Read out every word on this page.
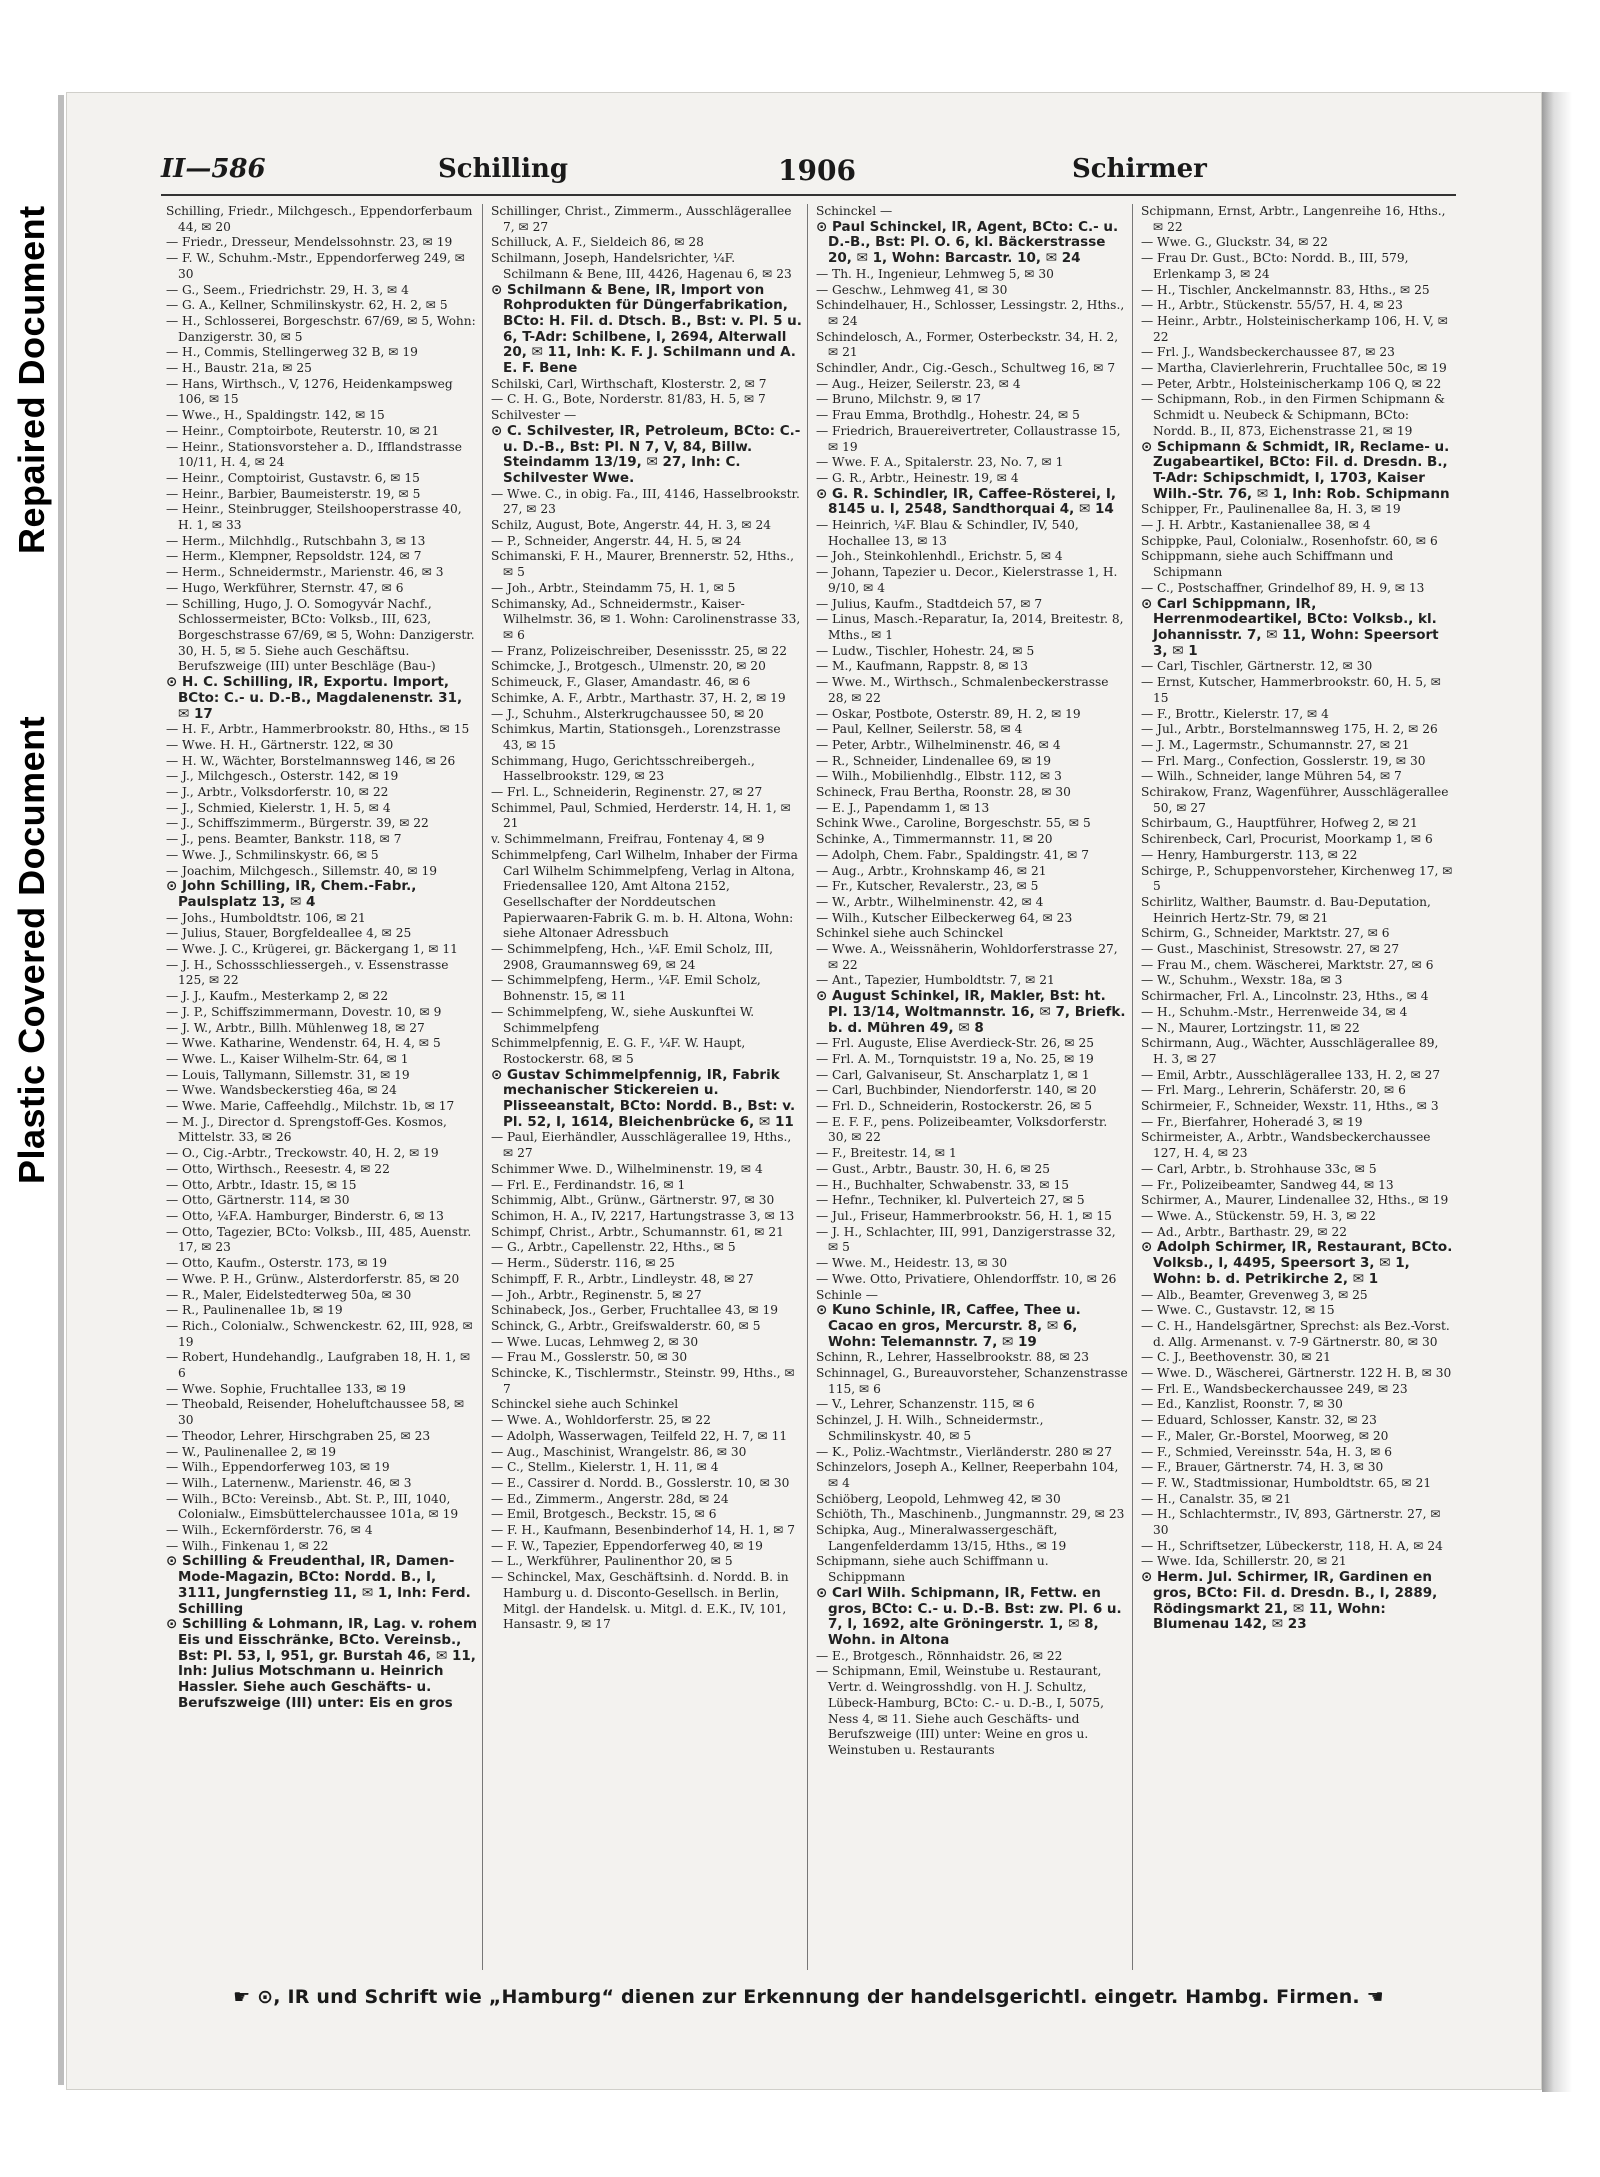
Repaired Document
Plastic Covered Document
II—586	Schilling	1906	Schirmer

Schilling, Friedr., Milchgesch., Eppendorferbaum 44, ✉ 20

— Friedr., Dresseur, Mendelssohnstr. 23, ✉ 19

— F. W., Schuhm.-Mstr., Eppendorferweg 249, ✉ 30

— G., Seem., Friedrichstr. 29, H. 3, ✉ 4

— G. A., Kellner, Schmilinskystr. 62, H. 2, ✉ 5

— H., Schlosserei, Borgeschstr. 67/69, ✉ 5, Wohn: Danzigerstr. 30, ✉ 5

— H., Commis, Stellingerweg 32 B, ✉ 19

— H., Baustr. 21a, ✉ 25

— Hans, Wirthsch., V, 1276, Heidenkampsweg 106, ✉ 15

— Wwe., H., Spaldingstr. 142, ✉ 15

— Heinr., Comptoirbote, Reuterstr. 10, ✉ 21

— Heinr., Stationsvorsteher a. D., Ifflandstrasse 10/11, H. 4, ✉ 24

— Heinr., Comptoirist, Gustavstr. 6, ✉ 15

— Heinr., Barbier, Baumeisterstr. 19, ✉ 5

— Heinr., Steinbrugger, Steilshooperstrasse 40, H. 1, ✉ 33

— Herm., Milchhdlg., Rutschbahn 3, ✉ 13

— Herm., Klempner, Repsoldstr. 124, ✉ 7

— Herm., Schneidermstr., Marienstr. 46, ✉ 3

— Hugo, Werkführer, Sternstr. 47, ✉ 6

— Schilling, Hugo, J. O. Somogyvár Nachf., Schlossermeister, BCto: Volksb., III, 623, Borgeschstrasse 67/69, ✉ 5, Wohn: Danzigerstr. 30, H. 5, ✉ 5. Siehe auch Geschäftsu. Berufszweige (III) unter Beschläge (Bau-)

⊙ H. C. Schilling, IR, Exportu. Import, BCto: C.- u. D.-B., Magdalenenstr. 31, ✉ 17

— H. F., Arbtr., Hammerbrookstr. 80, Hths., ✉ 15

— Wwe. H. H., Gärtnerstr. 122, ✉ 30

— H. W., Wächter, Borstelmannsweg 146, ✉ 26

— J., Milchgesch., Osterstr. 142, ✉ 19

— J., Arbtr., Volksdorferstr. 10, ✉ 22

— J., Schmied, Kielerstr. 1, H. 5, ✉ 4

— J., Schiffszimmerm., Bürgerstr. 39, ✉ 22

— J., pens. Beamter, Bankstr. 118, ✉ 7

— Wwe. J., Schmilinskystr. 66, ✉ 5

— Joachim, Milchgesch., Sillemstr. 40, ✉ 19

⊙ John Schilling, IR, Chem.-Fabr., Paulsplatz 13, ✉ 4

— Johs., Humboldtstr. 106, ✉ 21

— Julius, Stauer, Borgfeldeallee 4, ✉ 25

— Wwe. J. C., Krügerei, gr. Bäckergang 1, ✉ 11

— J. H., Schossschliessergeh., v. Essenstrasse 125, ✉ 22

— J. J., Kaufm., Mesterkamp 2, ✉ 22

— J. P., Schiffszimmermann, Dovestr. 10, ✉ 9

— J. W., Arbtr., Billh. Mühlenweg 18, ✉ 27

— Wwe. Katharine, Wendenstr. 64, H. 4, ✉ 5

— Wwe. L., Kaiser Wilhelm-Str. 64, ✉ 1

— Louis, Tallymann, Sillemstr. 31, ✉ 19

— Wwe. Wandsbeckerstieg 46a, ✉ 24

— Wwe. Marie, Caffeehdlg., Milchstr. 1b, ✉ 17

— M. J., Director d. Sprengstoff-Ges. Kosmos, Mittelstr. 33, ✉ 26

— O., Cig.-Arbtr., Treckowstr. 40, H. 2, ✉ 19

— Otto, Wirthsch., Reesestr. 4, ✉ 22

— Otto, Arbtr., Idastr. 15, ✉ 15

— Otto, Gärtnerstr. 114, ✉ 30

— Otto, ¼F.A. Hamburger, Binderstr. 6, ✉ 13

— Otto, Tagezier, BCto: Volksb., III, 485, Auenstr. 17, ✉ 23

— Otto, Kaufm., Osterstr. 173, ✉ 19

— Wwe. P. H., Grünw., Alsterdorferstr. 85, ✉ 20

— R., Maler, Eidelstedterweg 50a, ✉ 30

— R., Paulinenallee 1b, ✉ 19

— Rich., Colonialw., Schwenckestr. 62, III, 928, ✉ 19

— Robert, Hundehandlg., Laufgraben 18, H. 1, ✉ 6

— Wwe. Sophie, Fruchtallee 133, ✉ 19

— Theobald, Reisender, Hoheluftchaussee 58, ✉ 30

— Theodor, Lehrer, Hirschgraben 25, ✉ 23

— W., Paulinenallee 2, ✉ 19

— Wilh., Eppendorferweg 103, ✉ 19

— Wilh., Laternenw., Marienstr. 46, ✉ 3

— Wilh., BCto: Vereinsb., Abt. St. P., III, 1040, Colonialw., Eimsbüttelerchaussee 101a, ✉ 19

— Wilh., Eckernförderstr. 76, ✉ 4

— Wilh., Finkenau 1, ✉ 22

⊙ Schilling & Freudenthal, IR, Damen-Mode-Magazin, BCto: Nordd. B., I, 3111, Jungfernstieg 11, ✉ 1, Inh: Ferd. Schilling

⊙ Schilling & Lohmann, IR, Lag. v. rohem Eis und Eisschränke, BCto. Vereinsb., Bst: Pl. 53, I, 951, gr. Burstah 46, ✉ 11, Inh: Julius Motschmann u. Heinrich Hassler. Siehe auch Geschäfts- u. Berufszweige (III) unter: Eis en gros

Schillinger, Christ., Zimmerm., Ausschlägerallee 7, ✉ 27

Schilluck, A. F., Sieldeich 86, ✉ 28

Schilmann, Joseph, Handelsrichter, ¼F. Schilmann & Bene, III, 4426, Hagenau 6, ✉ 23

⊙ Schilmann & Bene, IR, Import von Rohprodukten für Düngerfabrikation, BCto: H. Fil. d. Dtsch. B., Bst: v. Pl. 5 u. 6, T-Adr: Schilbene, I, 2694, Alterwall 20, ✉ 11, Inh: K. F. J. Schilmann und A. E. F. Bene

Schilski, Carl, Wirthschaft, Klosterstr. 2, ✉ 7

— C. H. G., Bote, Norderstr. 81/83, H. 5, ✉ 7

Schilvester —

⊙ C. Schilvester, IR, Petroleum, BCto: C.- u. D.-B., Bst: Pl. N 7, V, 84, Billw. Steindamm 13/19, ✉ 27, Inh: C. Schilvester Wwe.

— Wwe. C., in obig. Fa., III, 4146, Hasselbrookstr. 27, ✉ 23

Schilz, August, Bote, Angerstr. 44, H. 3, ✉ 24

— P., Schneider, Angerstr. 44, H. 5, ✉ 24

Schimanski, F. H., Maurer, Brennerstr. 52, Hths., ✉ 5

— Joh., Arbtr., Steindamm 75, H. 1, ✉ 5

Schimansky, Ad., Schneidermstr., Kaiser-Wilhelmstr. 36, ✉ 1. Wohn: Carolinenstrasse 33, ✉ 6

— Franz, Polizeischreiber, Desenissstr. 25, ✉ 22

Schimcke, J., Brotgesch., Ulmenstr. 20, ✉ 20

Schimeuck, F., Glaser, Amandastr. 46, ✉ 6

Schimke, A. F., Arbtr., Marthastr. 37, H. 2, ✉ 19

— J., Schuhm., Alsterkrugchaussee 50, ✉ 20

Schimkus, Martin, Stationsgeh., Lorenzstrasse 43, ✉ 15

Schimmang, Hugo, Gerichtsschreibergeh., Hasselbrookstr. 129, ✉ 23

— Frl. L., Schneiderin, Reginenstr. 27, ✉ 27

Schimmel, Paul, Schmied, Herderstr. 14, H. 1, ✉ 21

v. Schimmelmann, Freifrau, Fontenay 4, ✉ 9

Schimmelpfeng, Carl Wilhelm, Inhaber der Firma Carl Wilhelm Schimmelpfeng, Verlag in Altona, Friedensallee 120, Amt Altona 2152, Gesellschafter der Norddeutschen Papierwaaren-Fabrik G. m. b. H. Altona, Wohn: siehe Altonaer Adressbuch

— Schimmelpfeng, Hch., ¼F. Emil Scholz, III, 2908, Graumannsweg 69, ✉ 24

— Schimmelpfeng, Herm., ¼F. Emil Scholz, Bohnenstr. 15, ✉ 11

— Schimmelpfeng, W., siehe Auskunftei W. Schimmelpfeng

Schimmelpfennig, E. G. F., ¼F. W. Haupt, Rostockerstr. 68, ✉ 5

⊙ Gustav Schimmelpfennig, IR, Fabrik mechanischer Stickereien u. Plisseeanstalt, BCto: Nordd. B., Bst: v. Pl. 52, I, 1614, Bleichenbrücke 6, ✉ 11

— Paul, Eierhändler, Ausschlägerallee 19, Hths., ✉ 27

Schimmer Wwe. D., Wilhelminenstr. 19, ✉ 4

— Frl. E., Ferdinandstr. 16, ✉ 1

Schimmig, Albt., Grünw., Gärtnerstr. 97, ✉ 30

Schimon, H. A., IV, 2217, Hartungstrasse 3, ✉ 13

Schimpf, Christ., Arbtr., Schumannstr. 61, ✉ 21

— G., Arbtr., Capellenstr. 22, Hths., ✉ 5

— Herm., Süderstr. 116, ✉ 25

Schimpff, F. R., Arbtr., Lindleystr. 48, ✉ 27

— Joh., Arbtr., Reginenstr. 5, ✉ 27

Schinabeck, Jos., Gerber, Fruchtallee 43, ✉ 19

Schinck, G., Arbtr., Greifswalderstr. 60, ✉ 5

— Wwe. Lucas, Lehmweg 2, ✉ 30

— Frau M., Gosslerstr. 50, ✉ 30

Schincke, K., Tischlermstr., Steinstr. 99, Hths., ✉ 7

Schinckel siehe auch Schinkel

— Wwe. A., Wohldorferstr. 25, ✉ 22

— Adolph, Wasserwagen, Teilfeld 22, H. 7, ✉ 11

— Aug., Maschinist, Wrangelstr. 86, ✉ 30

— C., Stellm., Kielerstr. 1, H. 11, ✉ 4

— E., Cassirer d. Nordd. B., Gosslerstr. 10, ✉ 30

— Ed., Zimmerm., Angerstr. 28d, ✉ 24

— Emil, Brotgesch., Beckstr. 15, ✉ 6

— F. H., Kaufmann, Besenbinderhof 14, H. 1, ✉ 7

— F. W., Tapezier, Eppendorferweg 40, ✉ 19

— L., Werkführer, Paulinenthor 20, ✉ 5

— Schinckel, Max, Geschäftsinh. d. Nordd. B. in Hamburg u. d. Disconto-Gesellsch. in Berlin, Mitgl. der Handelsk. u. Mitgl. d. E.K., IV, 101, Hansastr. 9, ✉ 17

Schinckel —

⊙ Paul Schinckel, IR, Agent, BCto: C.- u. D.-B., Bst: Pl. O. 6, kl. Bäckerstrasse 20, ✉ 1, Wohn: Barcastr. 10, ✉ 24

— Th. H., Ingenieur, Lehmweg 5, ✉ 30

— Geschw., Lehmweg 41, ✉ 30

Schindelhauer, H., Schlosser, Lessingstr. 2, Hths., ✉ 24

Schindelosch, A., Former, Osterbeckstr. 34, H. 2, ✉ 21

Schindler, Andr., Cig.-Gesch., Schultweg 16, ✉ 7

— Aug., Heizer, Seilerstr. 23, ✉ 4

— Bruno, Milchstr. 9, ✉ 17

— Frau Emma, Brothdlg., Hohestr. 24, ✉ 5

— Friedrich, Brauereivertreter, Collaustrasse 15, ✉ 19

— Wwe. F. A., Spitalerstr. 23, No. 7, ✉ 1

— G. R., Arbtr., Heinestr. 19, ✉ 4

⊙ G. R. Schindler, IR, Caffee-Rösterei, I, 8145 u. I, 2548, Sandthorquai 4, ✉ 14

— Heinrich, ¼F. Blau & Schindler, IV, 540, Hochallee 13, ✉ 13

— Joh., Steinkohlenhdl., Erichstr. 5, ✉ 4

— Johann, Tapezier u. Decor., Kielerstrasse 1, H. 9/10, ✉ 4

— Julius, Kaufm., Stadtdeich 57, ✉ 7

— Linus, Masch.-Reparatur, Ia, 2014, Breitestr. 8, Mths., ✉ 1

— Ludw., Tischler, Hohestr. 24, ✉ 5

— M., Kaufmann, Rappstr. 8, ✉ 13

— Wwe. M., Wirthsch., Schmalenbeckerstrasse 28, ✉ 22

— Oskar, Postbote, Osterstr. 89, H. 2, ✉ 19

— Paul, Kellner, Seilerstr. 58, ✉ 4

— Peter, Arbtr., Wilhelminenstr. 46, ✉ 4

— R., Schneider, Lindenallee 69, ✉ 19

— Wilh., Mobilienhdlg., Elbstr. 112, ✉ 3

Schineck, Frau Bertha, Roonstr. 28, ✉ 30

— E. J., Papendamm 1, ✉ 13

Schink Wwe., Caroline, Borgeschstr. 55, ✉ 5

Schinke, A., Timmermannstr. 11, ✉ 20

— Adolph, Chem. Fabr., Spaldingstr. 41, ✉ 7

— Aug., Arbtr., Krohnskamp 46, ✉ 21

— Fr., Kutscher, Revalerstr., 23, ✉ 5

— W., Arbtr., Wilhelminenstr. 42, ✉ 4

— Wilh., Kutscher Eilbeckerweg 64, ✉ 23

Schinkel siehe auch Schinckel

— Wwe. A., Weissnäherin, Wohldorferstrasse 27, ✉ 22

— Ant., Tapezier, Humboldtstr. 7, ✉ 21

⊙ August Schinkel, IR, Makler, Bst: ht. Pl. 13/14, Woltmannstr. 16, ✉ 7, Briefk. b. d. Mühren 49, ✉ 8

— Frl. Auguste, Elise Averdieck-Str. 26, ✉ 25

— Frl. A. M., Tornquiststr. 19 a, No. 25, ✉ 19

— Carl, Galvaniseur, St. Anscharplatz 1, ✉ 1

— Carl, Buchbinder, Niendorferstr. 140, ✉ 20

— Frl. D., Schneiderin, Rostockerstr. 26, ✉ 5

— E. F. F., pens. Polizeibeamter, Volksdorferstr. 30, ✉ 22

— F., Breitestr. 14, ✉ 1

— Gust., Arbtr., Baustr. 30, H. 6, ✉ 25

— H., Buchhalter, Schwabenstr. 33, ✉ 15

— Hefnr., Techniker, kl. Pulverteich 27, ✉ 5

— Jul., Friseur, Hammerbrookstr. 56, H. 1, ✉ 15

— J. H., Schlachter, III, 991, Danzigerstrasse 32, ✉ 5

— Wwe. M., Heidestr. 13, ✉ 30

— Wwe. Otto, Privatiere, Ohlendorffstr. 10, ✉ 26

Schinle —

⊙ Kuno Schinle, IR, Caffee, Thee u. Cacao en gros, Mercurstr. 8, ✉ 6, Wohn: Telemannstr. 7, ✉ 19

Schinn, R., Lehrer, Hasselbrookstr. 88, ✉ 23

Schinnagel, G., Bureauvorsteher, Schanzenstrasse 115, ✉ 6

— V., Lehrer, Schanzenstr. 115, ✉ 6

Schinzel, J. H. Wilh., Schneidermstr., Schmilinskystr. 40, ✉ 5

— K., Poliz.-Wachtmstr., Vierländerstr. 280 ✉ 27

Schinzelors, Joseph A., Kellner, Reeperbahn 104, ✉ 4

Schiöberg, Leopold, Lehmweg 42, ✉ 30

Schiöth, Th., Maschinenb., Jungmannstr. 29, ✉ 23

Schipka, Aug., Mineralwassergeschäft, Langenfelderdamm 13/15, Hths., ✉ 19

Schipmann, siehe auch Schiffmann u. Schippmann

⊙ Carl Wilh. Schipmann, IR, Fettw. en gros, BCto: C.- u. D.-B. Bst: zw. Pl. 6 u. 7, I, 1692, alte Gröningerstr. 1, ✉ 8, Wohn. in Altona

— E., Brotgesch., Rönnhaidstr. 26, ✉ 22

— Schipmann, Emil, Weinstube u. Restaurant, Vertr. d. Weingrosshdlg. von H. J. Schultz, Lübeck-Hamburg, BCto: C.- u. D.-B., I, 5075, Ness 4, ✉ 11. Siehe auch Geschäfts- und Berufszweige (III) unter: Weine en gros u. Weinstuben u. Restaurants

Schipmann, Ernst, Arbtr., Langenreihe 16, Hths., ✉ 22

— Wwe. G., Gluckstr. 34, ✉ 22

— Frau Dr. Gust., BCto: Nordd. B., III, 579, Erlenkamp 3, ✉ 24

— H., Tischler, Anckelmannstr. 83, Hths., ✉ 25

— H., Arbtr., Stückenstr. 55/57, H. 4, ✉ 23

— Heinr., Arbtr., Holsteinischerkamp 106, H. V, ✉ 22

— Frl. J., Wandsbeckerchaussee 87, ✉ 23

— Martha, Clavierlehrerin, Fruchtallee 50c, ✉ 19

— Peter, Arbtr., Holsteinischerkamp 106 Q, ✉ 22

— Schipmann, Rob., in den Firmen Schipmann & Schmidt u. Neubeck & Schipmann, BCto: Nordd. B., II, 873, Eichenstrasse 21, ✉ 19

⊙ Schipmann & Schmidt, IR, Reclame- u. Zugabeartikel, BCto: Fil. d. Dresdn. B., T-Adr: Schipschmidt, I, 1703, Kaiser Wilh.-Str. 76, ✉ 1, Inh: Rob. Schipmann

Schipper, Fr., Paulinenallee 8a, H. 3, ✉ 19

— J. H. Arbtr., Kastanienallee 38, ✉ 4

Schippke, Paul, Colonialw., Rosenhofstr. 60, ✉ 6

Schippmann, siehe auch Schiffmann und Schipmann

— C., Postschaffner, Grindelhof 89, H. 9, ✉ 13

⊙ Carl Schippmann, IR, Herrenmodeartikel, BCto: Volksb., kl. Johannisstr. 7, ✉ 11, Wohn: Speersort 3, ✉ 1

— Carl, Tischler, Gärtnerstr. 12, ✉ 30

— Ernst, Kutscher, Hammerbrookstr. 60, H. 5, ✉ 15

— F., Brottr., Kielerstr. 17, ✉ 4

— Jul., Arbtr., Borstelmannsweg 175, H. 2, ✉ 26

— J. M., Lagermstr., Schumannstr. 27, ✉ 21

— Frl. Marg., Confection, Gosslerstr. 19, ✉ 30

— Wilh., Schneider, lange Mühren 54, ✉ 7

Schirakow, Franz, Wagenführer, Ausschlägerallee 50, ✉ 27

Schirbaum, G., Hauptführer, Hofweg 2, ✉ 21

Schirenbeck, Carl, Procurist, Moorkamp 1, ✉ 6

— Henry, Hamburgerstr. 113, ✉ 22

Schirge, P., Schuppenvorsteher, Kirchenweg 17, ✉ 5

Schirlitz, Walther, Baumstr. d. Bau-Deputation, Heinrich Hertz-Str. 79, ✉ 21

Schirm, G., Schneider, Marktstr. 27, ✉ 6

— Gust., Maschinist, Stresowstr. 27, ✉ 27

— Frau M., chem. Wäscherei, Marktstr. 27, ✉ 6

— W., Schuhm., Wexstr. 18a, ✉ 3

Schirmacher, Frl. A., Lincolnstr. 23, Hths., ✉ 4

— H., Schuhm.-Mstr., Herrenweide 34, ✉ 4

— N., Maurer, Lortzingstr. 11, ✉ 22

Schirmann, Aug., Wächter, Ausschlägerallee 89, H. 3, ✉ 27

— Emil, Arbtr., Ausschlägerallee 133, H. 2, ✉ 27

— Frl. Marg., Lehrerin, Schäferstr. 20, ✉ 6

Schirmeier, F., Schneider, Wexstr. 11, Hths., ✉ 3

— Fr., Bierfahrer, Hoheradé 3, ✉ 19

Schirmeister, A., Arbtr., Wandsbeckerchaussee 127, H. 4, ✉ 23

— Carl, Arbtr., b. Strohhause 33c, ✉ 5

— Fr., Polizeibeamter, Sandweg 44, ✉ 13

Schirmer, A., Maurer, Lindenallee 32, Hths., ✉ 19

— Wwe. A., Stückenstr. 59, H. 3, ✉ 22

— Ad., Arbtr., Barthastr. 29, ✉ 22

⊙ Adolph Schirmer, IR, Restaurant, BCto. Volksb., I, 4495, Speersort 3, ✉ 1, Wohn: b. d. Petrikirche 2, ✉ 1

— Alb., Beamter, Grevenweg 3, ✉ 25

— Wwe. C., Gustavstr. 12, ✉ 15

— C. H., Handelsgärtner, Sprechst: als Bez.-Vorst. d. Allg. Armenanst. v. 7-9 Gärtnerstr. 80, ✉ 30

— C. J., Beethovenstr. 30, ✉ 21

— Wwe. D., Wäscherei, Gärtnerstr. 122 H. B, ✉ 30

— Frl. E., Wandsbeckerchaussee 249, ✉ 23

— Ed., Kanzlist, Roonstr. 7, ✉ 30

— Eduard, Schlosser, Kanstr. 32, ✉ 23

— F., Maler, Gr.-Borstel, Moorweg, ✉ 20

— F., Schmied, Vereinsstr. 54a, H. 3, ✉ 6

— F., Brauer, Gärtnerstr. 74, H. 3, ✉ 30

— F. W., Stadtmissionar, Humboldtstr. 65, ✉ 21

— H., Canalstr. 35, ✉ 21

— H., Schlachtermstr., IV, 893, Gärtnerstr. 27, ✉ 30

— H., Schriftsetzer, Lübeckerstr, 118, H. A, ✉ 24

— Wwe. Ida, Schillerstr. 20, ✉ 21

⊙ Herm. Jul. Schirmer, IR, Gardinen en gros, BCto: Fil. d. Dresdn. B., I, 2889, Rödingsmarkt 21, ✉ 11, Wohn: Blumenau 142, ✉ 23

☛ ⊙, IR und Schrift wie „Hamburg“ dienen zur Erkennung der handelsgerichtl. eingetr. Hambg. Firmen. ☚
